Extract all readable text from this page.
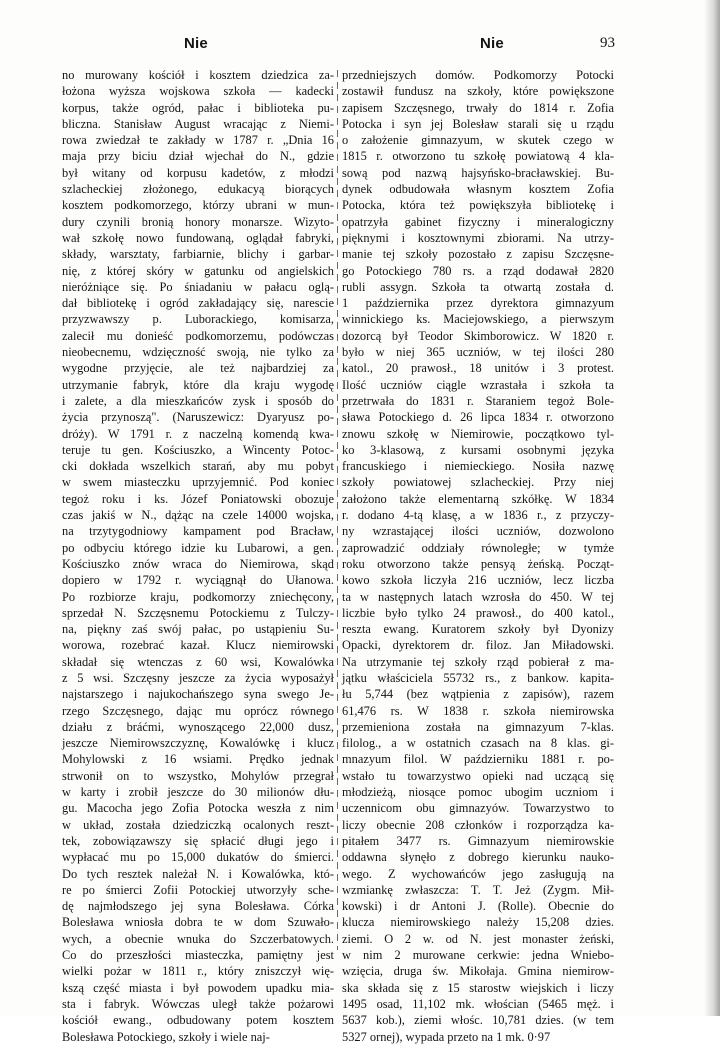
Nie	Nie	93
no murowany kościół i kosztem dziedzica za-
łożona wyższa wojskowa szkoła — kadecki
korpus, także ogród, pałac i biblioteka pu-
bliczna. Stanisław August wracając z Niemi-
rowa zwiedzał te zakłady w 1787 r. „Dnia 16
maja przy biciu dział wjechał do N., gdzie
był witany od korpusu kadetów, z młodzi
szlacheckiej złożonego, edukacyą biorących
kosztem podkomorzego, którzy ubrani w mun-
dury czynili bronią honory monarsze. Wizyto-
wał szkołę nowo fundowaną, oglądał fabryki,
składy, warsztaty, farbiarnie, blichy i garbar-
nię, z której skóry w gatunku od angielskich
nieróżniące się. Po śniadaniu w pałacu oglą-
dał bibliotekę i ogród zakładający się, narescie
przyzwawszy p. Luborackiego, komisarza,
zalecił mu donieść podkomorzemu, podówczas
nieobecnemu, wdzięczność swoją, nie tylko za
wygodne przyjęcie, ale też najbardziej za
utrzymanie fabryk, które dla kraju wygodę
i zalete, a dla mieszkańców zysk i sposób do
życia przynoszą". (Naruszewicz: Dyaryusz po-
dróży). W 1791 r. z naczelną komendą kwa-
teruje tu gen. Kościuszko, a Wincenty Potoc-
cki dokłada wszelkich starań, aby mu pobyt
w swem miasteczku uprzyjemnić. Pod koniec
tegoż roku i ks. Józef Poniatowski obozuje
czas jakiś w N., dążąc na czele 14000 wojska,
na trzytygodniowy kampament pod Bracław,
po odbyciu którego idzie ku Lubarowi, a gen.
Kościuszko znów wraca do Niemirowa, skąd
dopiero w 1792 r. wyciągnął do Ułanowa.
Po rozbiorze kraju, podkomorzy zniechęcony,
sprzedał N. Szczęsnemu Potockiemu z Tulczy-
na, piękny zaś swój pałac, po ustąpieniu Su-
worowa, rozebrać kazał. Klucz niemirowski
składał się wtenczas z 60 wsi, Kowalówka
z 5 wsi. Szczęsny jeszcze za życia wyposażył
najstarszego i najukochańszego syna swego Je-
rzego Szczęsnego, dając mu oprócz równego
działu z bráćmi, wynoszącego 22,000 dusz,
jeszcze Niemirowszczyznę, Kowalówkę i klucz
Mohylowski z 16 wsiami. Prędko jednak
strwonił on to wszystko, Mohylów przegrał
w karty i zrobił jeszcze do 30 milionów dłu-
gu. Macocha jego Zofia Potocka weszła z nim
w układ, została dziedziczką ocalonych reszt-
tek, zobowiązawszy się spłacić długi jego i
wypłacać mu po 15,000 dukatów do śmierci.
Do tych resztek należał N. i Kowalówka, któ-
re po śmierci Zofii Potockiej utworzyły sche-
dę najmłodszego jej syna Bolesława. Córka
Bolesława wniosła dobra te w dom Szuwało-
wych, a obecnie wnuka do Szczerbatowych.
Co do przeszłości miasteczka, pamiętny jest
wielki pożar w 1811 r., który zniszczył wię-
kszą część miasta i był powodem upadku mia-
sta i fabryk. Wówczas uległ także pożarowi
kościół ewang., odbudowany potem kosztem
Bolesława Potockiego, szkoły i wiele naj-
przedniejszych domów. Podkomorzy Potocki
zostawił fundusz na szkoły, które powiększone
zapisem Szczęsnego, trwały do 1814 r. Zofia
Potocka i syn jej Bolesław starali się u rządu
o założenie gimnazyum, w skutek czego w
1815 r. otworzono tu szkołę powiatową 4 kla-
sową pod nazwą hajsyńsko-bracławskiej. Bu-
dynek odbudowała własnym kosztem Zofia
Potocka, która też powiększyła bibliotekę i
opatrzyła gabinet fizyczny i mineralogiczny
pięknymi i kosztownymi zbiorami. Na utrzy-
manie tej szkoły pozostało z zapisu Szczęsne-
go Potockiego 780 rs. a rząd dodawał 2820
rubli assygn. Szkoła ta otwartą została d.
1 października przez dyrektora gimnazyum
winnickiego ks. Maciejowskiego, a pierwszym
dozorcą był Teodor Skimborowicz. W 1820 r.
było w niej 365 uczniów, w tej ilości 280
katol., 20 prawosł., 18 unitów i 3 protest.
Ilość uczniów ciągle wzrastała i szkoła ta
przetrwała do 1831 r. Staraniem tegoż Bole-
sława Potockiego d. 26 lipca 1834 r. otworzono
znowu szkołę w Niemirowie, początkowo tyl-
ko 3-klasową, z kursami osobnymi języka
francuskiego i niemieckiego. Nosiła nazwę
szkoły powiatowej szlacheckiej. Przy niej
założono także elementarną szkółkę. W 1834
r. dodano 4-tą klasę, a w 1836 r., z przyczy-
ny wzrastającej ilości uczniów, dozwolono
zaprowadzić oddziały równoległe; w tymże
roku otworzono także pensyą żeńską. Począt-
kowo szkoła liczyła 216 uczniów, lecz liczba
ta w następnych latach wzrosła do 450. W tej
liczbie było tylko 24 prawosł., do 400 katol.,
reszta ewang. Kuratorem szkoły był Dyonizy
Opacki, dyrektorem dr. filoz. Jan Miładowski.
Na utrzymanie tej szkoły rząd pobierał z ma-
jątku właściciela 55732 rs., z bankow. kapita-
łu 5,744 (bez wątpienia z zapisów), razem
61,476 rs. W 1838 r. szkoła niemirowska
przemieniona została na gimnazyum 7-klas.
filolog., a w ostatnich czasach na 8 klas. gi-
mnazyum filol. W październiku 1881 r. po-
wstało tu towarzystwo opieki nad uczącą się
młodzieżą, niosące pomoc ubogim uczniom i
uczennicom obu gimnazyów. Towarzystwo to
liczy obecnie 208 członków i rozporządza ka-
pitałem 3477 rs. Gimnazyum niemirowskie
oddawna słynęło z dobrego kierunku nauko-
wego. Z wychowańców jego zasługują na
wzmiankę zwłaszcza: T. T. Jeż (Zygm. Mił-
kowski) i dr Antoni J. (Rolle). Obecnie do
klucza niemirowskiego należy 15,208 dzies.
ziemi. O 2 w. od N. jest monaster żeński,
w nim 2 murowane cerkwie: jedna Wniebo-
wzięcia, druga św. Mikołaja. Gmina niemirow-
ska składa się z 15 starostw wiejskich i liczy
1495 osad, 11,102 mk. włościan (5465 męż. i
5637 kob.), ziemi włośc. 10,781 dzies. (w tem
5327 ornej), wypada przeto na 1 mk. 0·97
